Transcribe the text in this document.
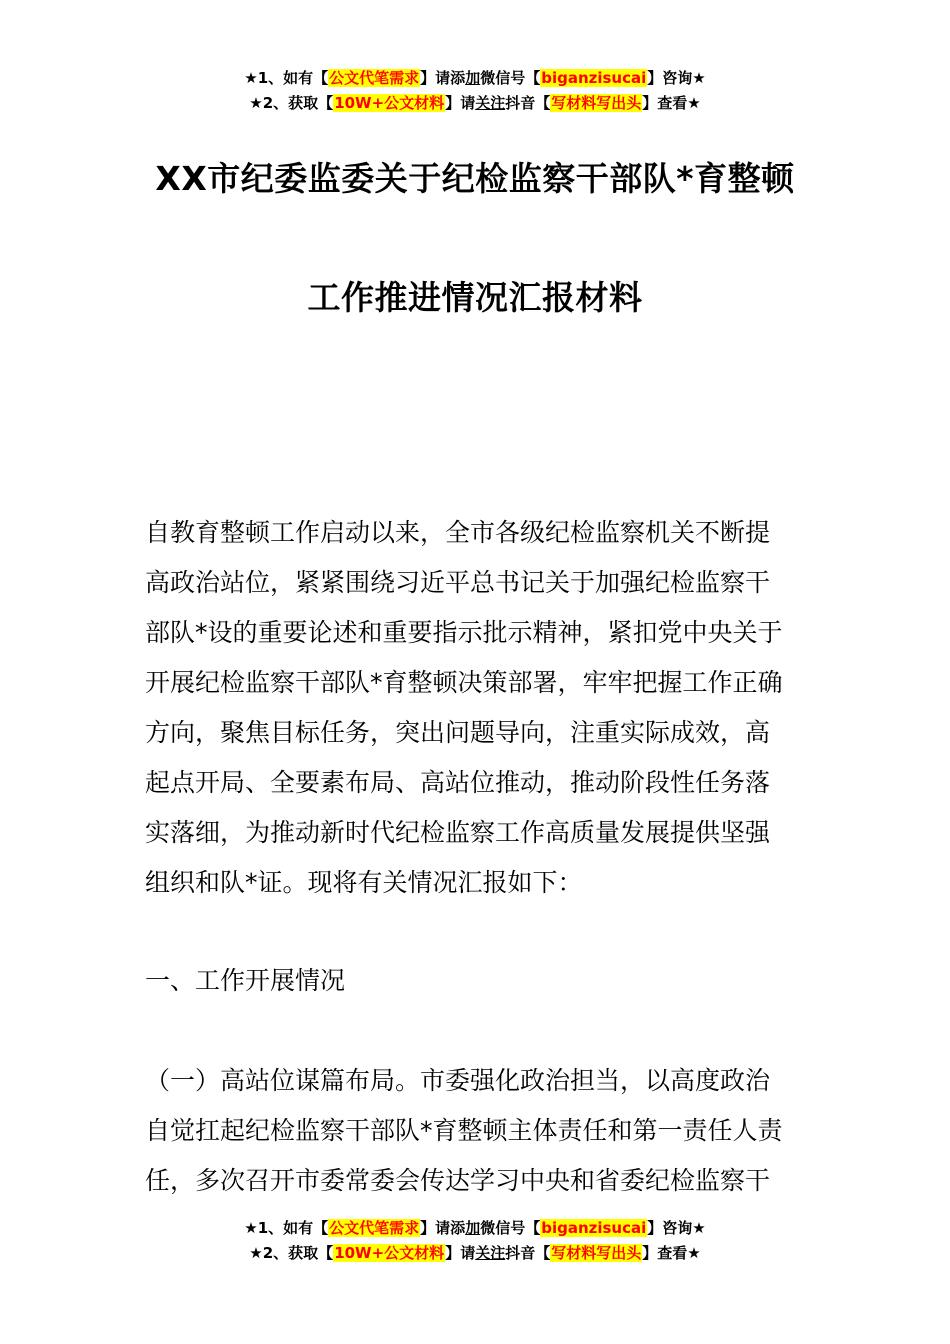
★1、如有【公文代笔需求】请添加微信号【biganzisucai】咨询★
★2、获取【10W+公文材料】请关注抖音【写材料写出头】查看★
XX市纪委监委关于纪检监察干部队*育整顿
工作推进情况汇报材料

自教育整顿工作启动以来，全市各级纪检监察机关不断提

高政治站位，紧紧围绕习近平总书记关于加强纪检监察干

部队*设的重要论述和重要指示批示精神，紧扣党中央关于

开展纪检监察干部队*育整顿决策部署，牢牢把握工作正确

方向，聚焦目标任务，突出问题导向，注重实际成效，高

起点开局、全要素布局、高站位推动，推动阶段性任务落

实落细，为推动新时代纪检监察工作高质量发展提供坚强

组织和队*证。现将有关情况汇报如下：

一、工作开展情况

（一）高站位谋篇布局。市委强化政治担当，以高度政治

自觉扛起纪检监察干部队*育整顿主体责任和第一责任人责

任，多次召开市委常委会传达学习中央和省委纪检监察干

★1、如有【公文代笔需求】请添加微信号【biganzisucai】咨询★
★2、获取【10W+公文材料】请关注抖音【写材料写出头】查看★
